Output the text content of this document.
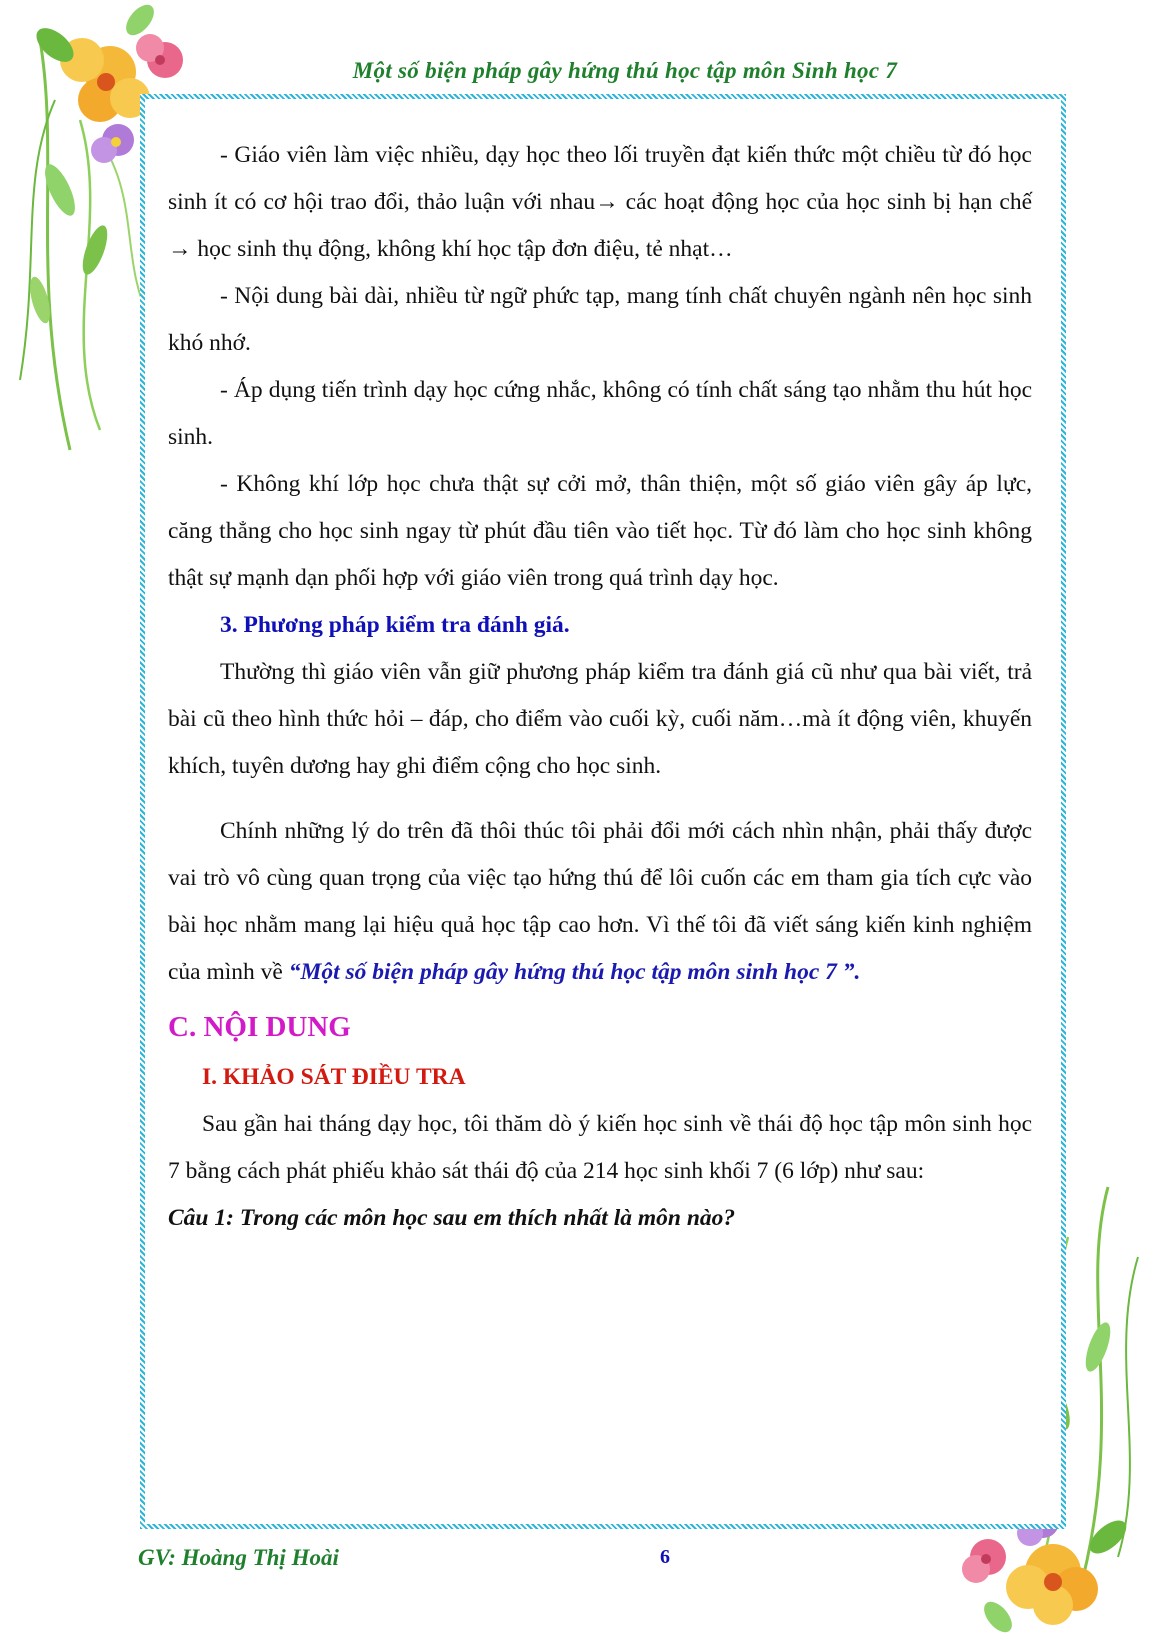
Một số biện pháp gây hứng thú học tập môn Sinh học 7

- Giáo viên làm việc nhiều, dạy học theo lối truyền đạt kiến thức một chiều từ đó học sinh ít có cơ hội trao đổi, thảo luận với nhau→ các hoạt động học của học sinh bị hạn chế → học sinh thụ động, không khí học tập đơn điệu, tẻ nhạt…

- Nội dung bài dài, nhiều từ ngữ phức tạp, mang tính chất chuyên ngành nên học sinh khó nhớ.

- Áp dụng tiến trình dạy học cứng nhắc, không có tính chất sáng tạo nhằm thu hút học sinh.

- Không khí lớp học chưa thật sự cởi mở, thân thiện, một số giáo viên gây áp lực, căng thẳng cho học sinh ngay từ phút đầu tiên vào tiết học. Từ đó làm cho học sinh không thật sự mạnh dạn phối hợp với giáo viên trong quá trình dạy học.

3. Phương pháp kiểm tra đánh giá.

Thường thì giáo viên vẫn giữ phương pháp kiểm tra đánh giá cũ như qua bài viết, trả bài cũ theo hình thức hỏi – đáp, cho điểm vào cuối kỳ, cuối năm…mà ít động viên, khuyến khích, tuyên dương hay ghi điểm cộng cho học sinh.

Chính những lý do trên đã thôi thúc tôi phải đổi mới cách nhìn nhận, phải thấy được vai trò vô cùng quan trọng của việc tạo hứng thú để lôi cuốn các em tham gia tích cực vào bài học nhằm mang lại hiệu quả học tập cao hơn. Vì thế tôi đã viết sáng kiến kinh nghiệm của mình về “Một số biện pháp gây hứng thú học tập môn sinh học 7 ”.

C. NỘI DUNG

I. KHẢO SÁT ĐIỀU TRA

Sau gần hai tháng dạy học, tôi thăm dò ý kiến học sinh về thái độ học tập môn sinh học 7 bằng cách phát phiếu khảo sát thái độ của 214 học sinh khối 7 (6 lớp) như sau:

Câu 1: Trong các môn học sau em thích nhất là môn nào?

GV: Hoàng Thị Hoài	6
